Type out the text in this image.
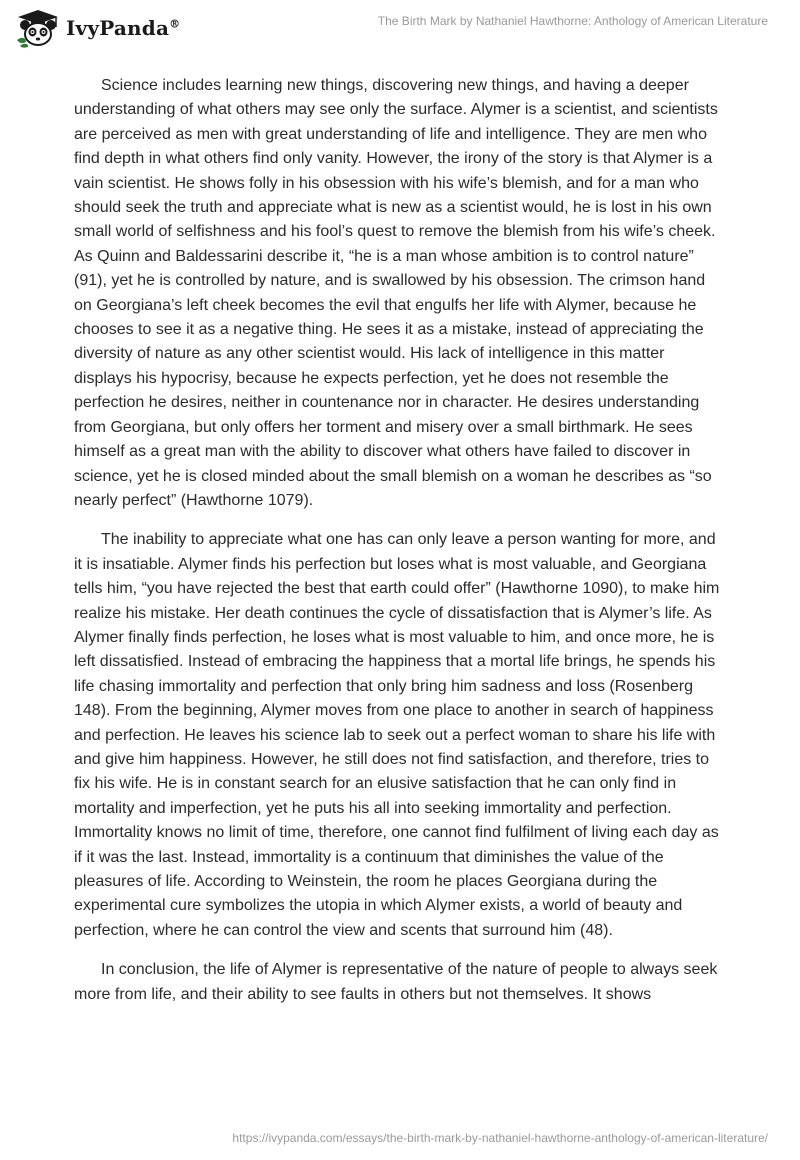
IvyPanda®	The Birth Mark by Nathaniel Hawthorne: Anthology of American Literature

Science includes learning new things, discovering new things, and having a deeper understanding of what others may see only the surface. Alymer is a scientist, and scientists are perceived as men with great understanding of life and intelligence. They are men who find depth in what others find only vanity. However, the irony of the story is that Alymer is a vain scientist. He shows folly in his obsession with his wife’s blemish, and for a man who should seek the truth and appreciate what is new as a scientist would, he is lost in his own small world of selfishness and his fool’s quest to remove the blemish from his wife’s cheek. As Quinn and Baldessarini describe it, “he is a man whose ambition is to control nature” (91), yet he is controlled by nature, and is swallowed by his obsession. The crimson hand on Georgiana’s left cheek becomes the evil that engulfs her life with Alymer, because he chooses to see it as a negative thing. He sees it as a mistake, instead of appreciating the diversity of nature as any other scientist would. His lack of intelligence in this matter displays his hypocrisy, because he expects perfection, yet he does not resemble the perfection he desires, neither in countenance nor in character. He desires understanding from Georgiana, but only offers her torment and misery over a small birthmark. He sees himself as a great man with the ability to discover what others have failed to discover in science, yet he is closed minded about the small blemish on a woman he describes as “so nearly perfect” (Hawthorne 1079).

The inability to appreciate what one has can only leave a person wanting for more, and it is insatiable. Alymer finds his perfection but loses what is most valuable, and Georgiana tells him, “you have rejected the best that earth could offer” (Hawthorne 1090), to make him realize his mistake. Her death continues the cycle of dissatisfaction that is Alymer’s life. As Alymer finally finds perfection, he loses what is most valuable to him, and once more, he is left dissatisfied. Instead of embracing the happiness that a mortal life brings, he spends his life chasing immortality and perfection that only bring him sadness and loss (Rosenberg 148). From the beginning, Alymer moves from one place to another in search of happiness and perfection. He leaves his science lab to seek out a perfect woman to share his life with and give him happiness. However, he still does not find satisfaction, and therefore, tries to fix his wife. He is in constant search for an elusive satisfaction that he can only find in mortality and imperfection, yet he puts his all into seeking immortality and perfection. Immortality knows no limit of time, therefore, one cannot find fulfilment of living each day as if it was the last. Instead, immortality is a continuum that diminishes the value of the pleasures of life. According to Weinstein, the room he places Georgiana during the experimental cure symbolizes the utopia in which Alymer exists, a world of beauty and perfection, where he can control the view and scents that surround him (48).

In conclusion, the life of Alymer is representative of the nature of people to always seek more from life, and their ability to see faults in others but not themselves. It shows

https://ivypanda.com/essays/the-birth-mark-by-nathaniel-hawthorne-anthology-of-american-literature/
